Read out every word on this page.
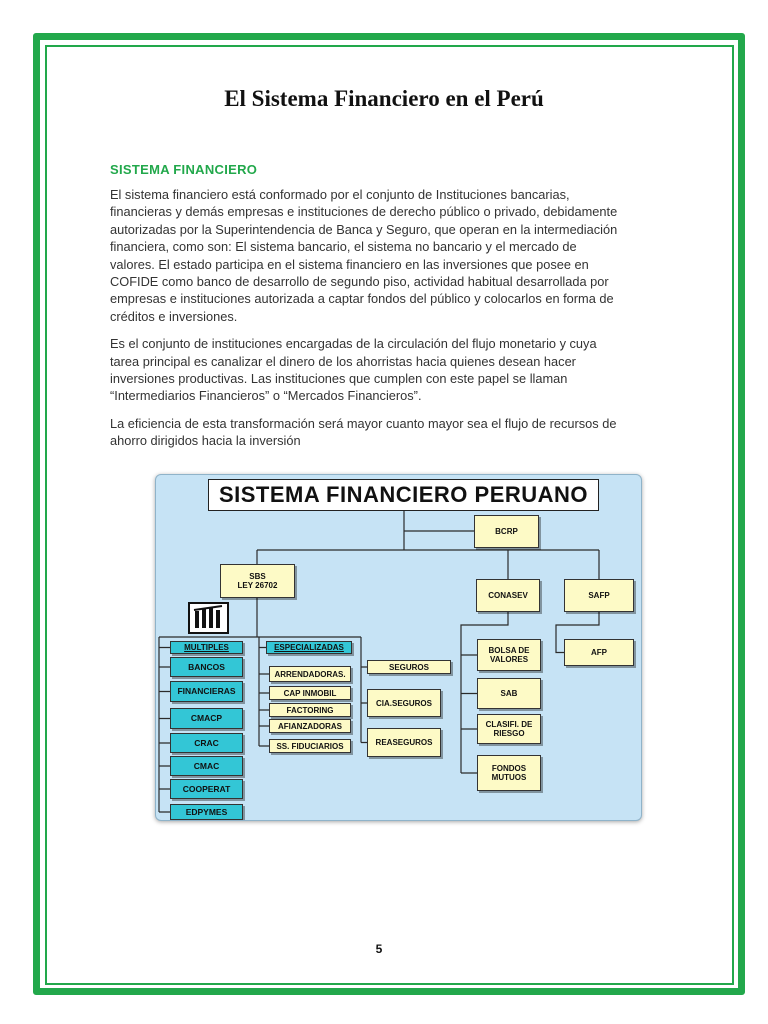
El Sistema Financiero en el Perú
SISTEMA FINANCIERO
El sistema financiero está conformado por el conjunto de Instituciones bancarias,
financieras y demás empresas e instituciones de derecho público o privado, debidamente
autorizadas por la Superintendencia de Banca y Seguro, que operan en la intermediación
financiera, como son: El sistema bancario, el sistema no bancario y el mercado de
valores. El estado participa en el sistema financiero en las inversiones que posee en
COFIDE como banco de desarrollo de segundo piso, actividad habitual desarrollada por
empresas e instituciones autorizada a captar fondos del público y colocarlos en forma de
créditos e inversiones.
Es el conjunto de instituciones encargadas de la circulación del flujo monetario y cuya
tarea principal es canalizar el dinero de los ahorristas hacia quienes desean hacer
inversiones productivas. Las instituciones que cumplen con este papel se llaman
“Intermediarios Financieros” o “Mercados Financieros”.
La eficiencia de esta transformación será mayor cuanto mayor sea el flujo de recursos de
ahorro dirigidos hacia la inversión
SISTEMA FINANCIERO PERUANO
BCRP
SBS
LEY 26702
CONASEV	SAFP
MULTIPLES
BANCOS
FINANCIERAS
CMACP
CRAC
CMAC
COOPERAT
EDPYMES
ESPECIALIZADAS
ARRENDADORAS.
CAP INMOBIL
FACTORING
AFIANZADORAS
SS. FIDUCIARIOS
SEGUROS
CIA.SEGUROS
REASEGUROS
BOLSA DE VALORES
SAB
CLASIFI. DE RIESGO
FONDOS MUTUOS
AFP
5
